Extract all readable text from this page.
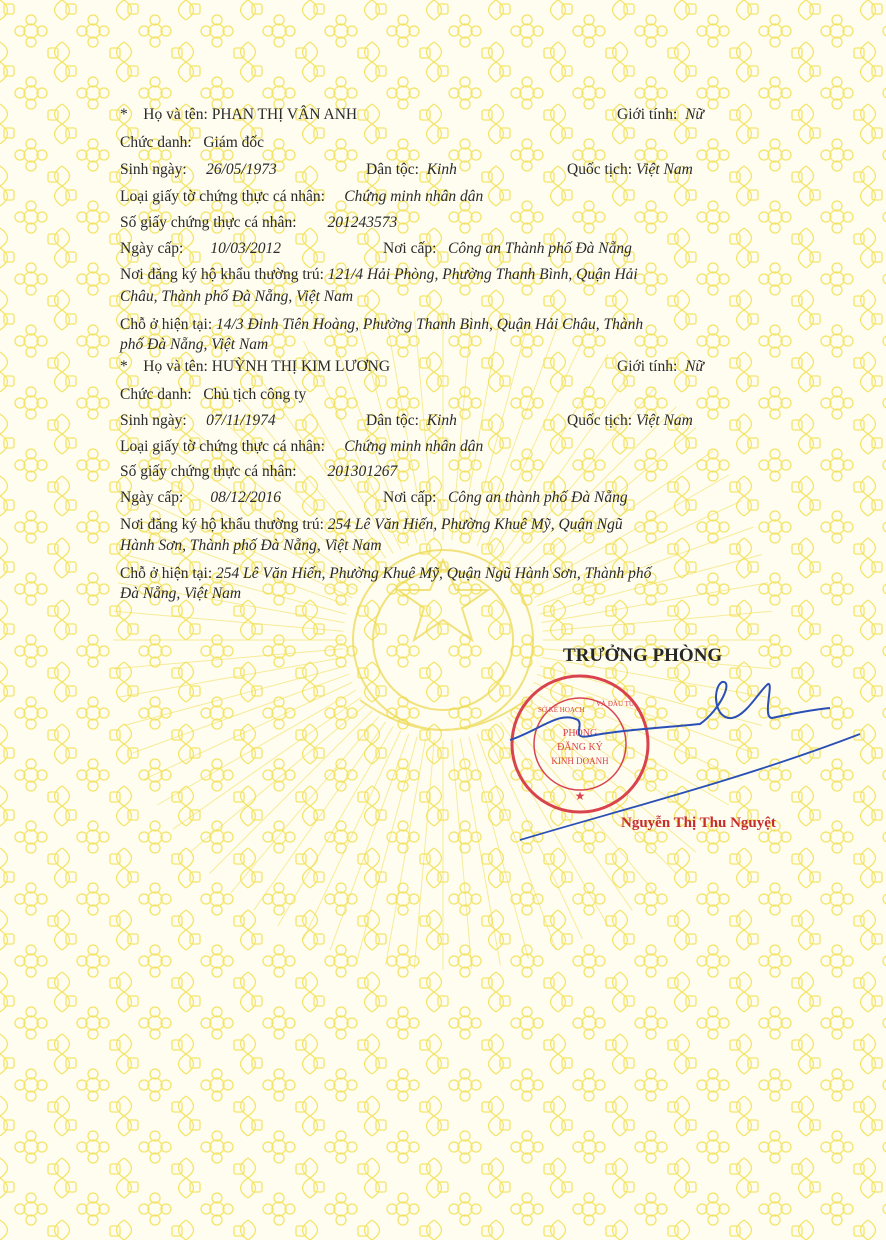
* Họ và tên: PHAN THỊ VÂN ANH	Giới tính: Nữ
Chức danh: Giám đốc
Sinh ngày: 26/05/1973	Dân tộc: Kinh	Quốc tịch: Việt Nam
Loại giấy tờ chứng thực cá nhân: Chứng minh nhân dân
Số giấy chứng thực cá nhân: 201243573
Ngày cấp: 10/03/2012	Nơi cấp: Công an Thành phố Đà Nẵng
Nơi đăng ký hộ khẩu thường trú: 121/4 Hải Phòng, Phường Thanh Bình, Quận Hải
Châu, Thành phố Đà Nẵng, Việt Nam
Chỗ ở hiện tại: 14/3 Đinh Tiên Hoàng, Phường Thanh Bình, Quận Hải Châu, Thành
phố Đà Nẵng, Việt Nam
* Họ và tên: HUỲNH THỊ KIM LƯƠNG	Giới tính: Nữ
Chức danh: Chủ tịch công ty
Sinh ngày: 07/11/1974	Dân tộc: Kinh	Quốc tịch: Việt Nam
Loại giấy tờ chứng thực cá nhân: Chứng minh nhân dân
Số giấy chứng thực cá nhân: 201301267
Ngày cấp: 08/12/2016	Nơi cấp: Công an thành phố Đà Nẵng
Nơi đăng ký hộ khẩu thường trú: 254 Lê Văn Hiến, Phường Khuê Mỹ, Quận Ngũ
Hành Sơn, Thành phố Đà Nẵng, Việt Nam
Chỗ ở hiện tại: 254 Lê Văn Hiến, Phường Khuê Mỹ, Quận Ngũ Hành Sơn, Thành phố
Đà Nẵng, Việt Nam
TRƯỞNG PHÒNG
PHÒNG
ĐĂNG KÝ
KINH DOANH
★
SỞ KẾ HOẠCH
VÀ ĐẦU TƯ
Nguyễn Thị Thu Nguyệt
